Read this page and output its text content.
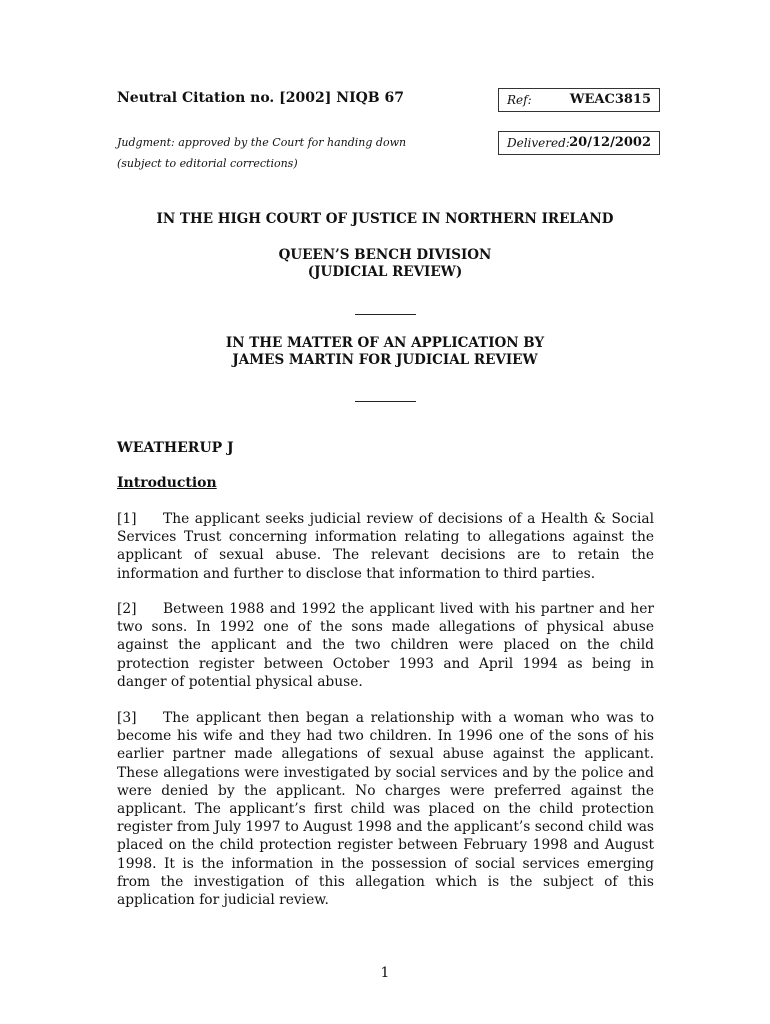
Neutral Citation no. [2002] NIQB 67	Ref:	WEAC3815
Delivered: 20/12/2002
Judgment: approved by the Court for handing down
(subject to editorial corrections)
IN THE HIGH COURT OF JUSTICE IN NORTHERN IRELAND
QUEEN’S BENCH DIVISION
(JUDICIAL REVIEW)
IN THE MATTER OF AN APPLICATION BY
JAMES MARTIN FOR JUDICIAL REVIEW
WEATHERUP J
Introduction
[1] The applicant seeks judicial review of decisions of a Health & Social Services Trust concerning information relating to allegations against the applicant of sexual abuse. The relevant decisions are to retain the information and further to disclose that information to third parties.
[2] Between 1988 and 1992 the applicant lived with his partner and her two sons. In 1992 one of the sons made allegations of physical abuse against the applicant and the two children were placed on the child protection register between October 1993 and April 1994 as being in danger of potential physical abuse.
[3] The applicant then began a relationship with a woman who was to become his wife and they had two children. In 1996 one of the sons of his earlier partner made allegations of sexual abuse against the applicant. These allegations were investigated by social services and by the police and were denied by the applicant. No charges were preferred against the applicant. The applicant’s first child was placed on the child protection register from July 1997 to August 1998 and the applicant’s second child was placed on the child protection register between February 1998 and August 1998. It is the information in the possession of social services emerging from the investigation of this allegation which is the subject of this application for judicial review.
1
